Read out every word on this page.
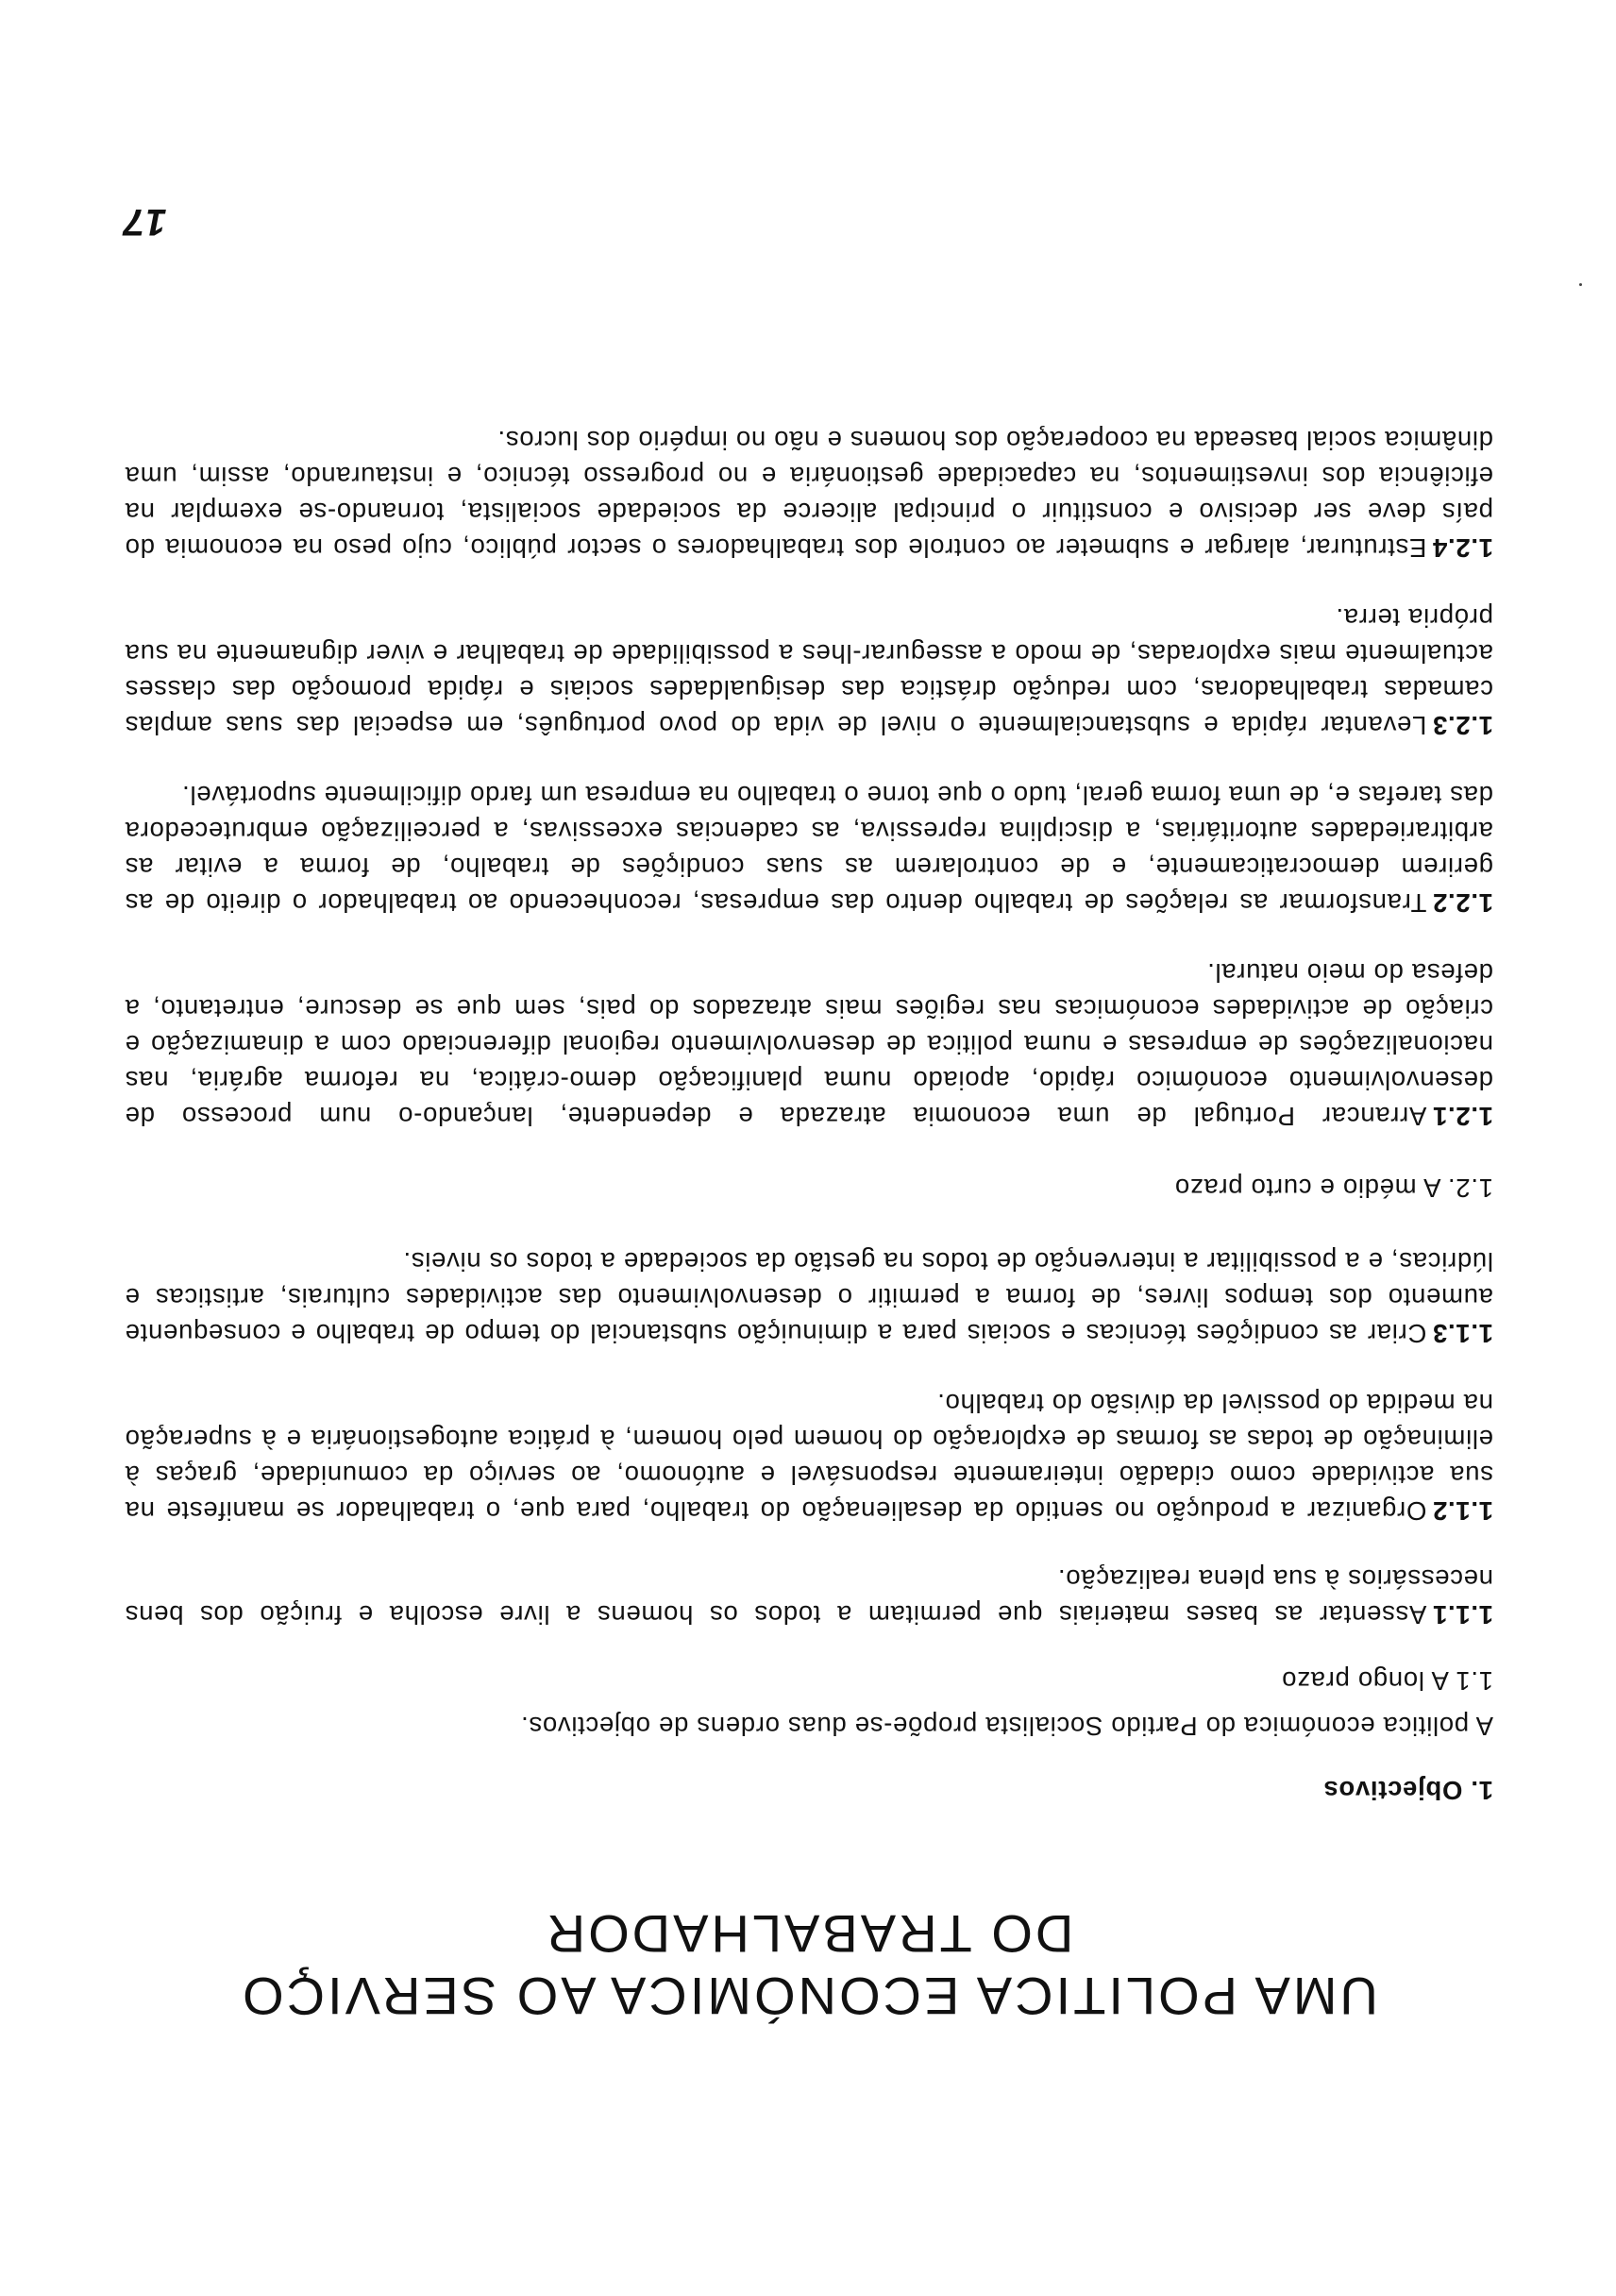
UMA POLITICA ECONÓMICA AO SERVIÇO
DO TRABALHADOR
1. Objectivos

A politica económica do Partido Socialista propõe-se duas ordens de objectivos.

1.1 A longo prazo

1.1.1Assentar as bases materiais que permitam a todos os homens a livre escolha e fruição dos bens necessários à sua plena realização.

1.1.2Organizar a produção no sentido da desalienação do trabalho, para que, o trabalhador se manifeste na sua actividade como cidadão inteiramente responsável e autónomo, ao serviço da comunidade, graças à eliminação de todas as formas de exploração do homem pelo homem, à prática autogestionária e à superação na medida do possivel da divisão do trabalho.

1.1.3Criar as condições técnicas e sociais para a diminuição substancial do tempo de trabalho e consequente aumento dos tempos livres, de forma a permitir o desenvolvimento das actividades culturais, artisticas e lúdricas, e a possibilitar a intervenção de todos na gestão da sociedade a todos os niveis.

1.2. A médio e curto prazo

1.2.1Arrancar Portugal de uma economia atrazada e dependente, lançando-o num processo de desenvolvimento económico rápido, apoiado numa planificação demo-crática, na reforma agrária, nas nacionalizações de empresas e numa politica de desenvolvimento regional diferenciado com a dinamização e criação de actividades económicas nas regiões mais atrazados do pais, sem que se descure, entretanto, a defesa do meio natural.

1.2.2Transformar as relações de trabalho dentro das empresas, reconhecendo ao trabalhador o direito de as gerirem democraticamente, e de controlarem as suas condições de trabalho, de forma a evitar as arbitrariedades autoritárias, a disciplina repressiva, as cadencias excessivas, a perceilização embrutecedora das tarefas e, de uma forma geral, tudo o que torne o trabalho na empresa um fardo dificilmente suportável.

1.2.3Levantar rápida e substancialmente o nivel de vida do povo português, em especial das suas amplas camadas trabalhadoras, com redução drástica das desigualdades sociais e rápida promoção das classes actualmente mais exploradas, de modo a assegurar-lhes a possibilidade de trabalhar e viver dignamente na sua própria terra.

1.2.4Estruturar, alargar e submeter ao controle dos trabalhadores o sector público, cujo peso na economia do país deve ser decisivo e constituir o principal alicerce da sociedade socialista, tornando-se exemplar na eficiência dos investimentos, na capacidade gestionária e no progresso técnico, e instaurando, assim, uma dinâmica social baseada na cooperação dos homens e não no império dos lucros.

17
